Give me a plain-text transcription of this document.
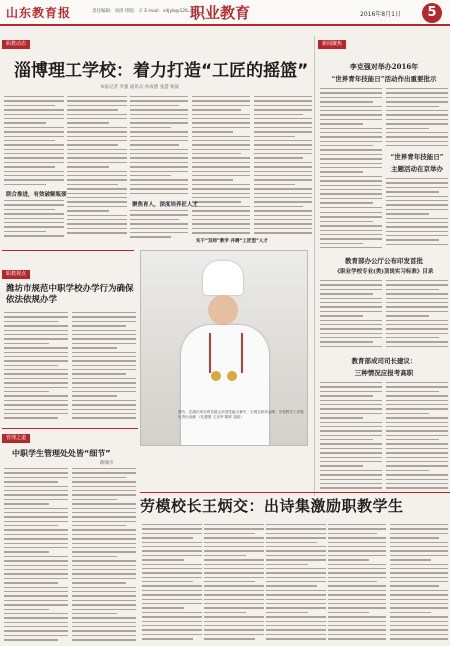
山东教育报	责任编辑：刘清 排版：辛 E-mail：sdjyb@126.com
职业教育	2016年8月1日	5
职教动态
淄博理工学校：着力打造“工匠的摇篮”
本报记者 李强 通讯员 孙成德 张慧 杨波
联合推进，有效破解瓶颈
聚焦育人，深度培养匠人才
实干“双师”教学 并聘“工匠型”人才
新闻聚焦
李克强对举办2016年
“世界青年技能日”活动作出重要批示
“世界青年技能日”
主题活动在京举办
教育部办公厅公布印发首批
《职业学校专业(类)顶岗实习标准》目录
教育部成司司长建议：
三种情况应报考高职
职教视点
潍坊市规范中职学校办学行为确保依法依规办学
图为：在潍坊举办的首届山东省技能大赛中，王炳交获得金牌，学校教学工作做出突出贡献 （孔德强 王京华 陈婷 刘凯）
管理之道
中职学生管理处处皆“细节”
聊城市
劳模校长王炳交：出诗集激励职教学生
